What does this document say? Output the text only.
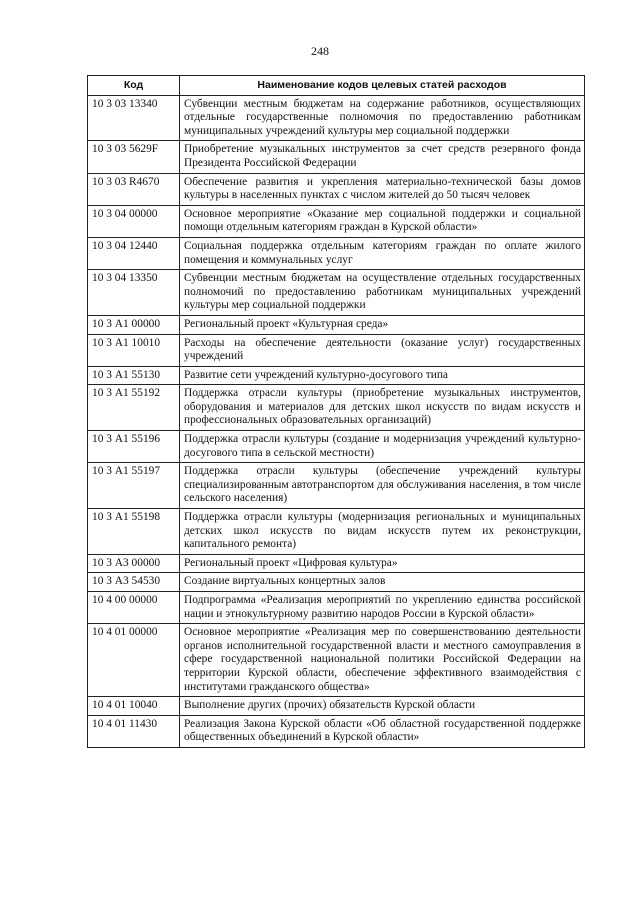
248
Код	Наименование кодов целевых статей расходов
10 3 03 13340	Субвенции местным бюджетам на содержание работников, осуществляющих отдельные государственные полномочия по предоставлению работникам муниципальных учреждений культуры мер социальной поддержки
10 3 03 5629F	Приобретение музыкальных инструментов за счет средств резервного фонда Президента Российской Федерации
10 3 03 R4670	Обеспечение развития и укрепления материально-технической базы домов культуры в населенных пунктах с числом жителей до 50 тысяч человек
10 3 04 00000	Основное мероприятие «Оказание мер социальной поддержки и социальной помощи отдельным категориям граждан в Курской области»
10 3 04 12440	Социальная поддержка отдельным категориям граждан по оплате жилого помещения и коммунальных услуг
10 3 04 13350	Субвенции местным бюджетам на осуществление отдельных государственных полномочий по предоставлению работникам муниципальных учреждений культуры мер социальной поддержки
10 3 А1 00000	Региональный проект «Культурная среда»
10 3 А1 10010	Расходы на обеспечение деятельности (оказание услуг) государственных учреждений
10 3 А1 55130	Развитие сети учреждений культурно-досугового типа
10 3 А1 55192	Поддержка отрасли культуры (приобретение музыкальных инструментов, оборудования и материалов для детских школ искусств по видам искусств и профессиональных образовательных организаций)
10 3 А1 55196	Поддержка отрасли культуры (создание и модернизация учреждений культурно-досугового типа в сельской местности)
10 3 А1 55197	Поддержка отрасли культуры (обеспечение учреждений культуры специализированным автотранспортом для обслуживания населения, в том числе сельского населения)
10 3 А1 55198	Поддержка отрасли культуры (модернизация региональных и муниципальных детских школ искусств по видам искусств путем их реконструкции, капитального ремонта)
10 3 А3 00000	Региональный проект «Цифровая культура»
10 3 А3 54530	Создание виртуальных концертных залов
10 4 00 00000	Подпрограмма «Реализация мероприятий по укреплению единства российской нации и этнокультурному развитию народов России в Курской области»
10 4 01 00000	Основное мероприятие «Реализация мер по совершенствованию деятельности органов исполнительной государственной власти и местного самоуправления в сфере государственной национальной политики Российской Федерации на территории Курской области, обеспечение эффективного взаимодействия с институтами гражданского общества»
10 4 01 10040	Выполнение других (прочих) обязательств Курской области
10 4 01 11430	Реализация Закона Курской области «Об областной государственной поддержке общественных объединений в Курской области»
